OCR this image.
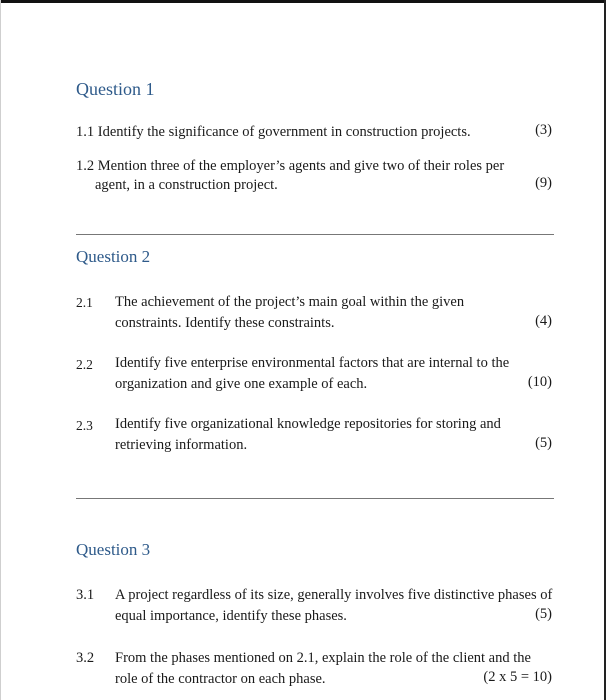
Question 1
1.1 Identify the significance of government in construction projects.	(3)
1.2 Mention three of the employer’s agents and give two of their roles per
agent, in a construction project.	(9)
Question 2
2.1 The achievement of the project’s main goal within the given
constraints. Identify these constraints.	(4)
2.2 Identify five enterprise environmental factors that are internal to the
organization and give one example of each.	(10)
2.3 Identify five organizational knowledge repositories for storing and
retrieving information.	(5)
Question 3
3.1 A project regardless of its size, generally involves five distinctive phases of
equal importance, identify these phases.	(5)
3.2 From the phases mentioned on 2.1, explain the role of the client and the
role of the contractor on each phase.	(2 x 5 = 10)
